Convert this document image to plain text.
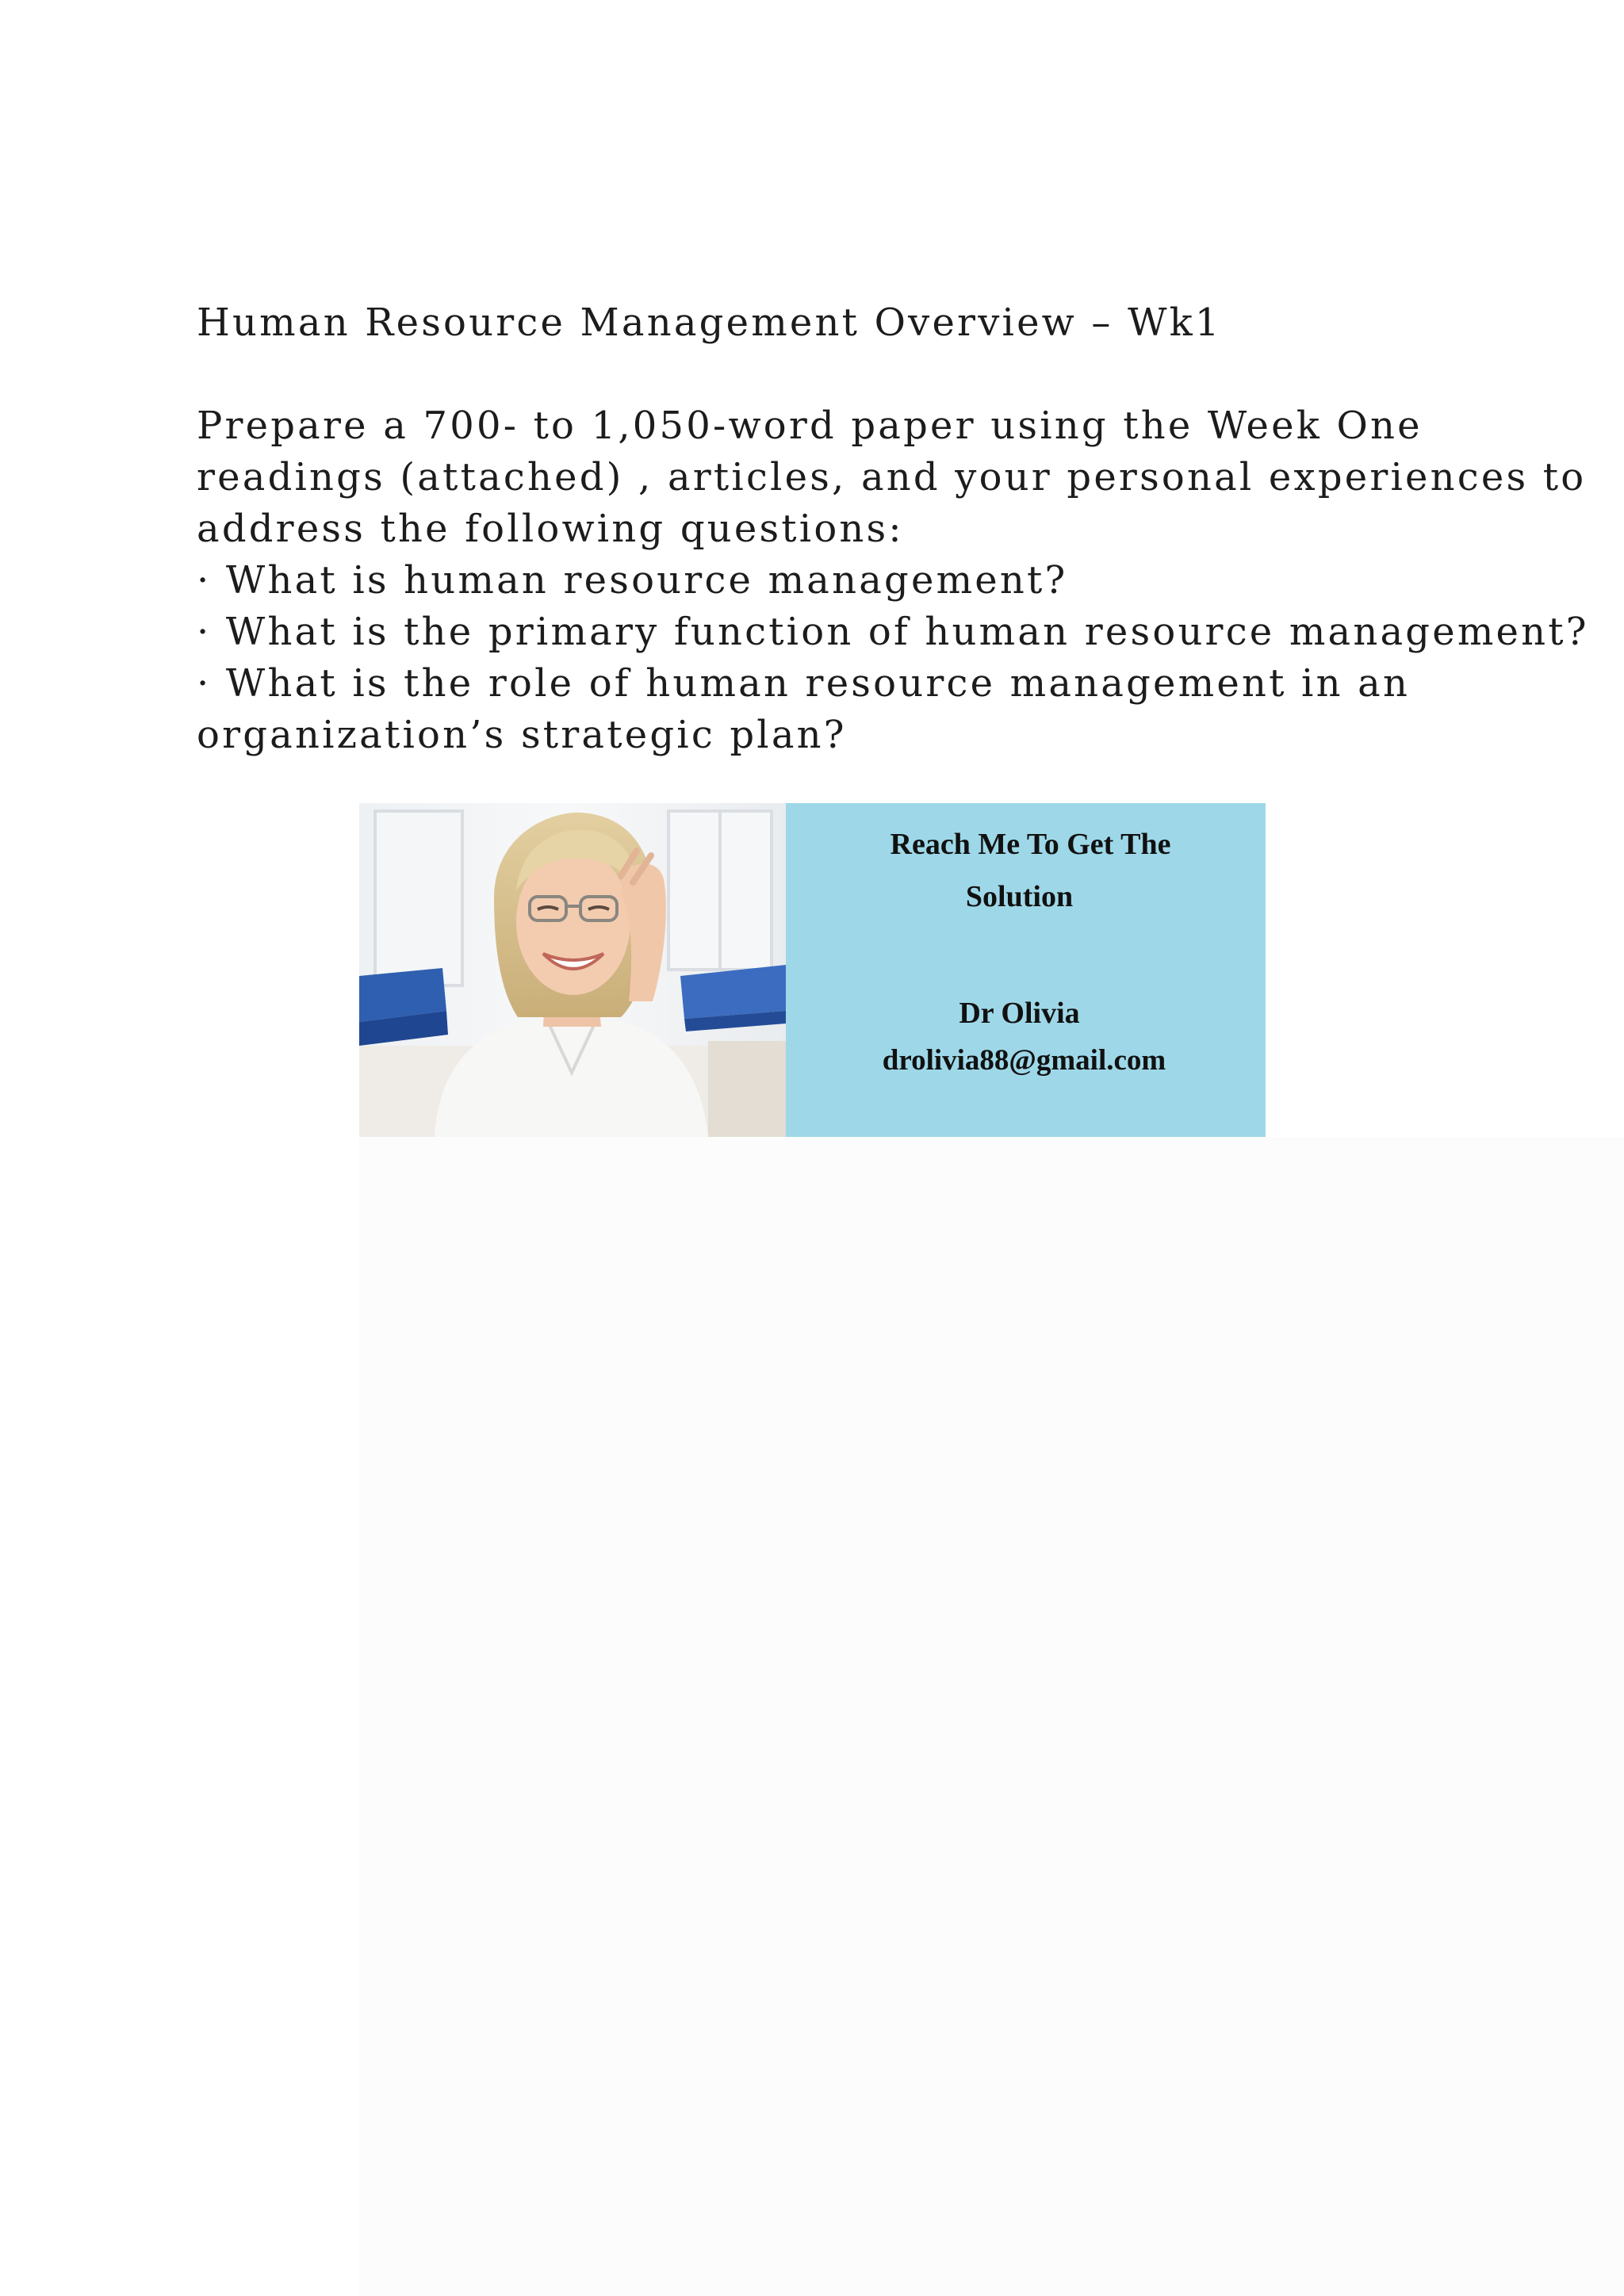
Human Resource Management Overview – Wk1
Prepare a 700- to 1,050-word paper using the Week One
readings (attached) , articles, and your personal experiences to
address the following questions:
· What is human resource management?
· What is the primary function of human resource management?
· What is the role of human resource management in an
organization’s strategic plan?
Reach Me To Get The
Solution
Dr Olivia
drolivia88@gmail.com
